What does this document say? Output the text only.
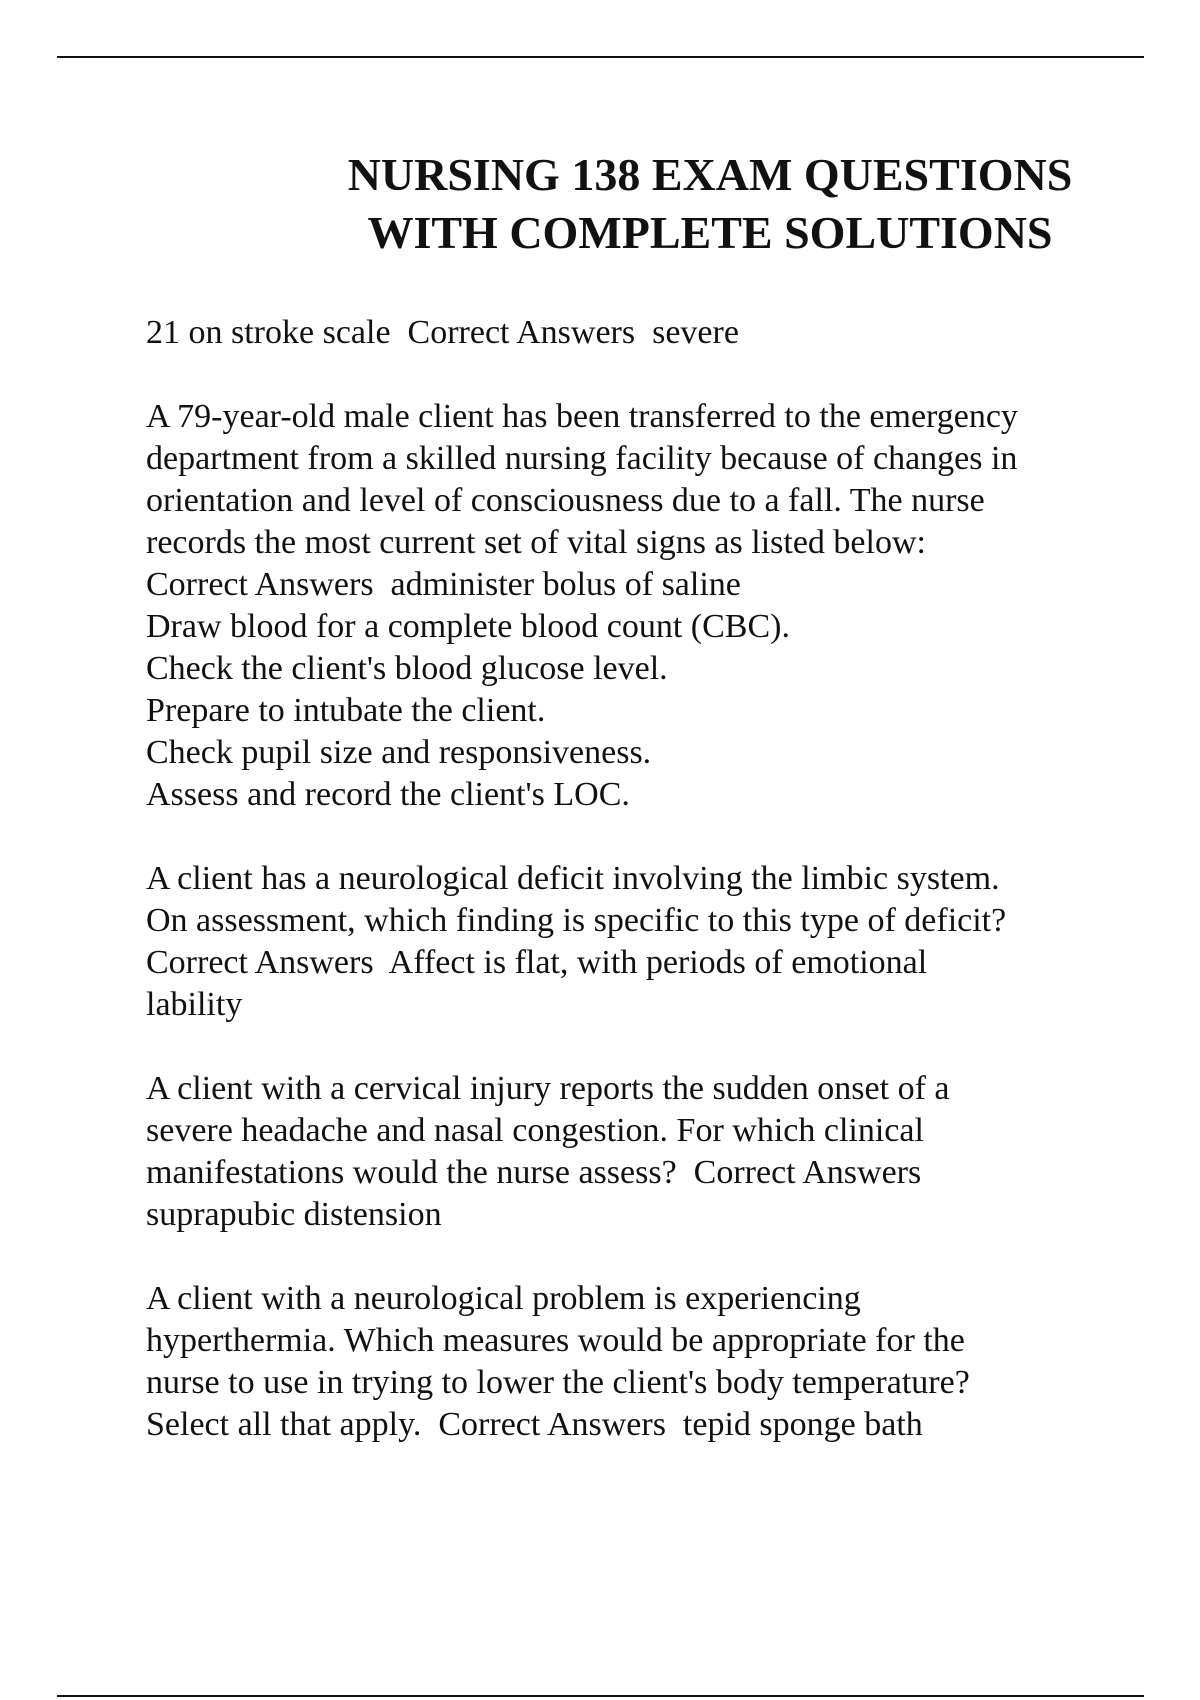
NURSING 138 EXAM QUESTIONS
WITH COMPLETE SOLUTIONS

21 on stroke scale  Correct Answers  severe

A 79-year-old male client has been transferred to the emergency
department from a skilled nursing facility because of changes in
orientation and level of consciousness due to a fall. The nurse
records the most current set of vital signs as listed below:
Correct Answers  administer bolus of saline
Draw blood for a complete blood count (CBC).
Check the client's blood glucose level.
Prepare to intubate the client.
Check pupil size and responsiveness.
Assess and record the client's LOC.

A client has a neurological deficit involving the limbic system.
On assessment, which finding is specific to this type of deficit?
Correct Answers  Affect is flat, with periods of emotional
lability

A client with a cervical injury reports the sudden onset of a
severe headache and nasal congestion. For which clinical
manifestations would the nurse assess?  Correct Answers
suprapubic distension

A client with a neurological problem is experiencing
hyperthermia. Which measures would be appropriate for the
nurse to use in trying to lower the client's body temperature?
Select all that apply.  Correct Answers  tepid sponge bath
